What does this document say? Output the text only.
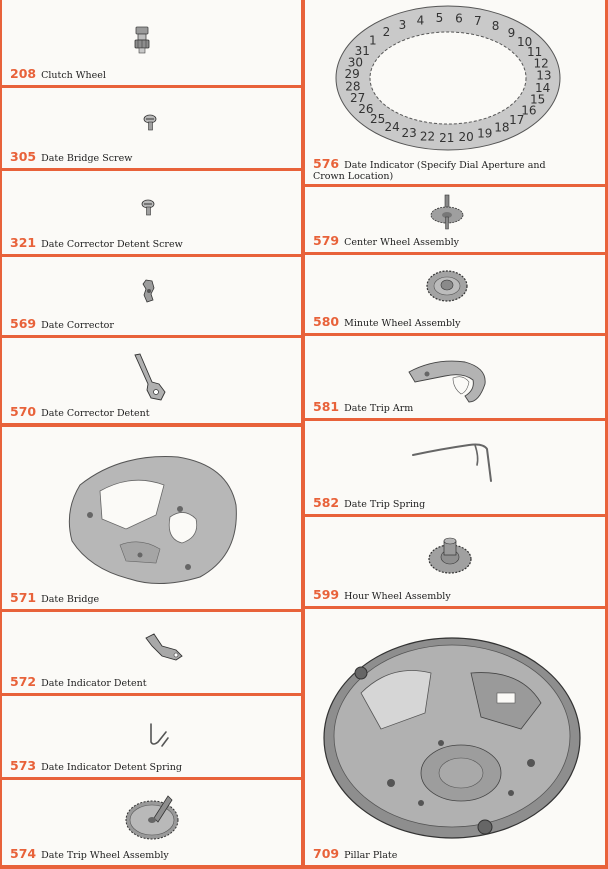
208 Clutch Wheel
305 Date Bridge Screw
321 Date Corrector Detent Screw
569 Date Corrector
570 Date Corrector Detent
571 Date Bridge
572 Date Indicator Detent
573 Date Indicator Detent Spring
574 Date Trip Wheel Assembly
1
2 3 4 5 6 7 8 9
10
11
12
13
14
15
16
17
18
19
20
21
22
23
24
25
26
27
28
29
30
31
576 Date Indicator (Specify Dial Aperture and Crown Location)
579 Center Wheel Assembly
580 Minute Wheel Assembly
581 Date Trip Arm
582 Date Trip Spring
599 Hour Wheel Assembly
709 Pillar Plate
